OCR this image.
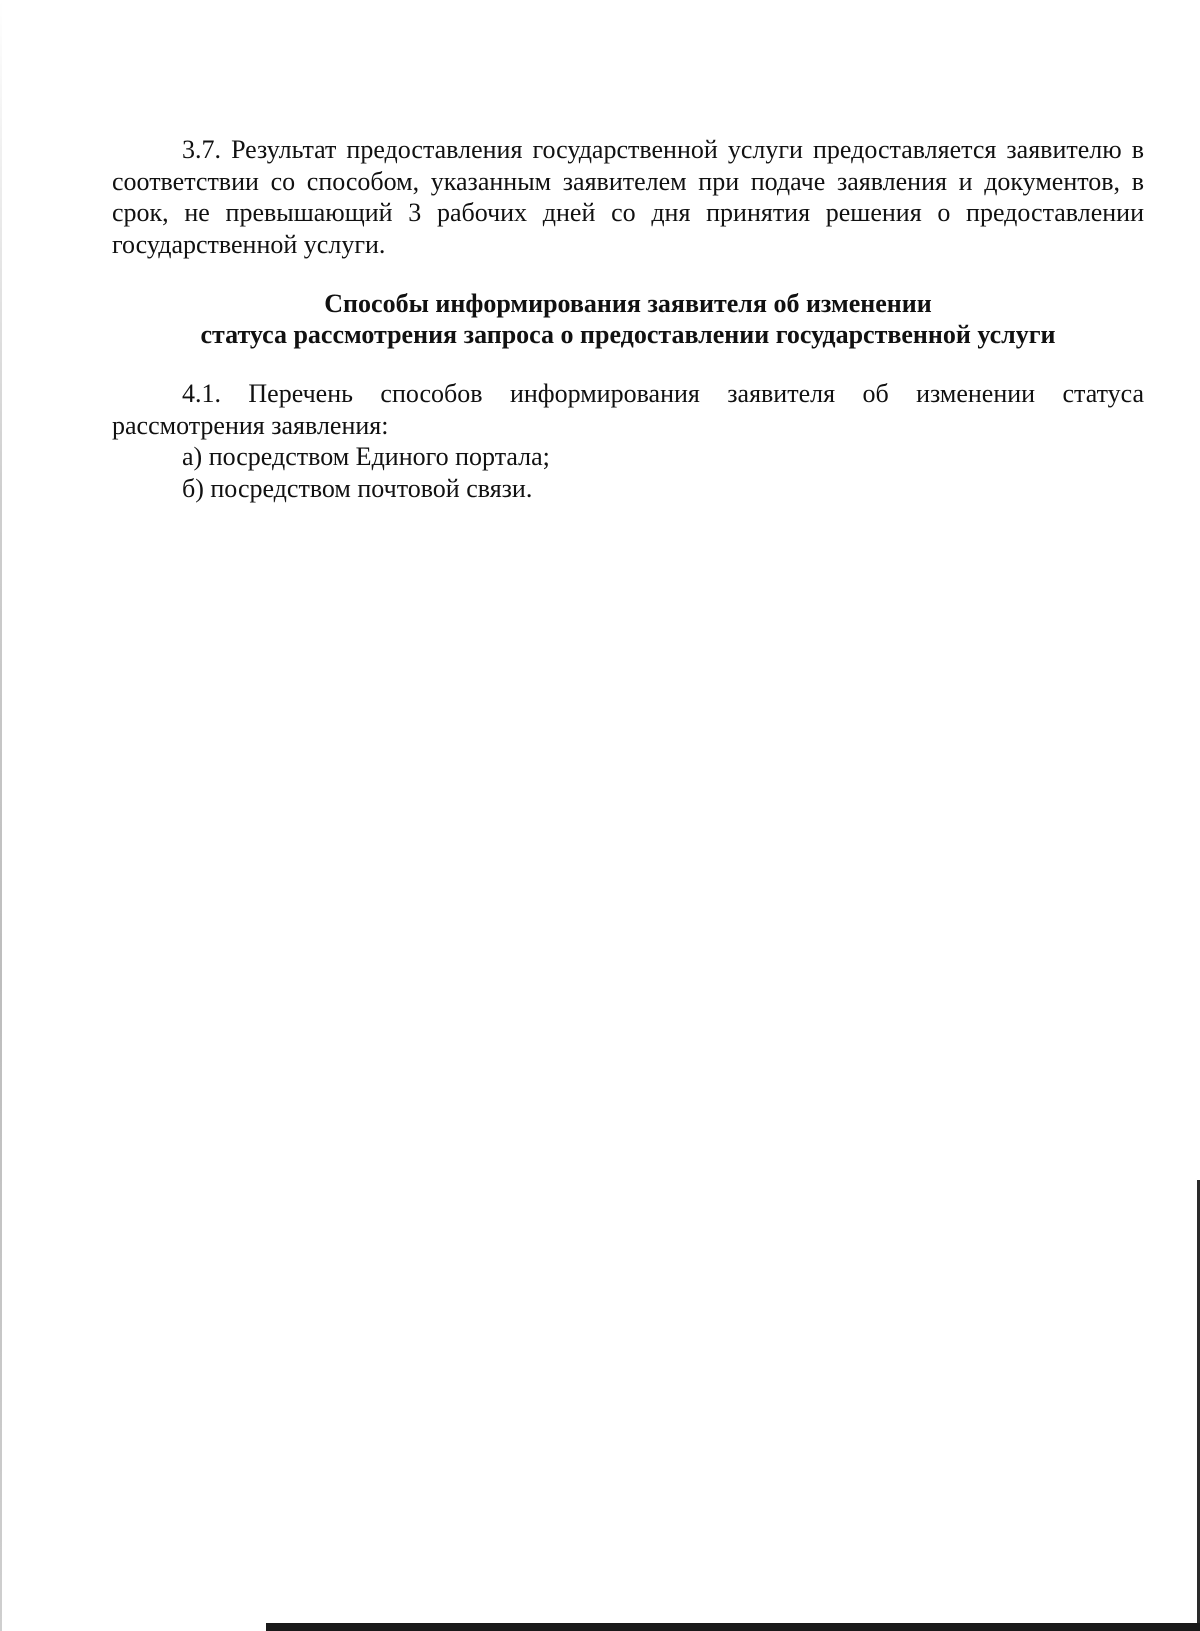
3.7. Результат предоставления государственной услуги предоставляется заявителю в соответствии со способом, указанным заявителем при подаче заявления и документов, в срок, не превышающий 3 рабочих дней со дня принятия решения о предоставлении государственной услуги.

Способы информирования заявителя об изменении
статуса рассмотрения запроса о предоставлении государственной услуги

4.1. Перечень способов информирования заявителя об изменении статуса рассмотрения заявления:

а) посредством Единого портала;

б) посредством почтовой связи.
